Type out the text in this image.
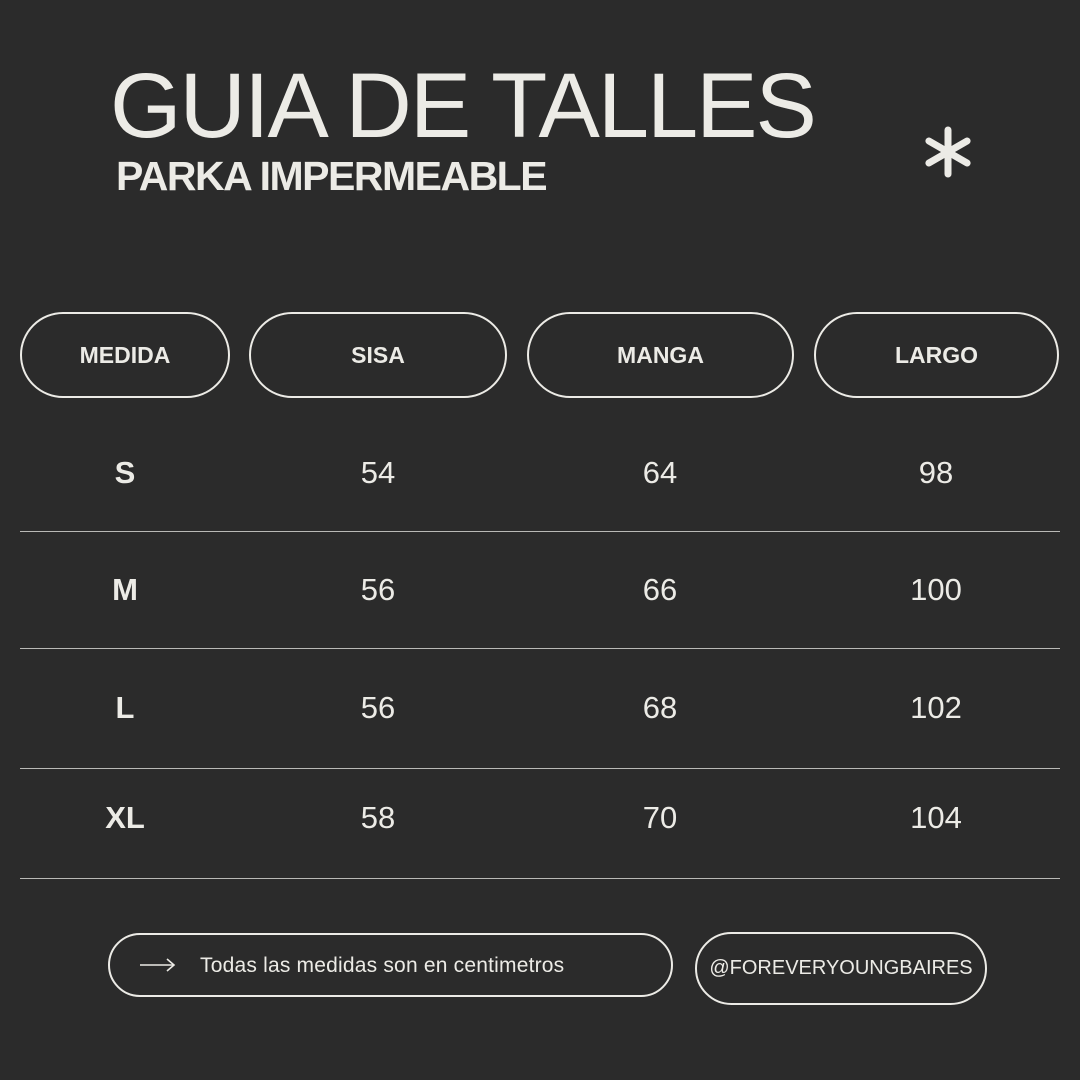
GUIA DE TALLES
PARKA IMPERMEABLE
MEDIDA	SISA	MANGA	LARGO
S	54	64	98
M	56	66	100
L	56	68	102
XL	58	70	104
Todas las medidas son en centimetros	@FOREVERYOUNGBAIRES
